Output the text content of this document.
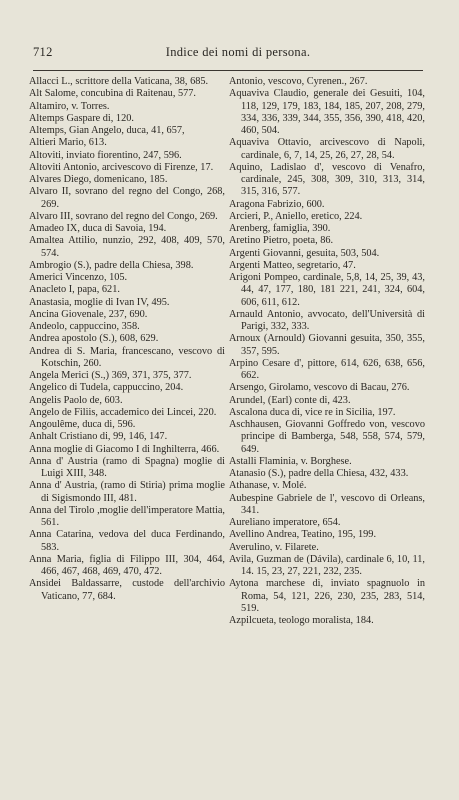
712	Indice dei nomi di persona.
Allacci L., scrittore della Vaticana, 38, 685.
Alt Salome, concubina di Raitenau, 577.
Altamiro, v. Torres.
Altemps Gaspare di, 120.
Altemps, Gian Angelo, duca, 41, 657,
Altieri Mario, 613.
Altoviti, inviato fiorentino, 247, 596.
Altoviti Antonio, arcivescovo di Firenze, 17.
Alvares Diego, domenicano, 185.
Alvaro II, sovrano del regno del Congo, 268, 269.
Alvaro III, sovrano del regno del Congo, 269.
Amadeo IX, duca di Savoia, 194.
Amaltea Attilio, nunzio, 292, 408, 409, 570, 574.
Ambrogio (S.), padre della Chiesa, 398.
Americi Vincenzo, 105.
Anacleto I, papa, 621.
Anastasia, moglie di Ivan IV, 495.
Ancina Giovenale, 237, 690.
Andeolo, cappuccino, 358.
Andrea apostolo (S.), 608, 629.
Andrea di S. Maria, francescano, vescovo di Kotschin, 260.
Angela Merici (S.,) 369, 371, 375, 377.
Angelico di Tudela, cappuccino, 204.
Angelis Paolo de, 603.
Angelo de Filiis, accademico dei Lincei, 220.
Angoulême, duca di, 596.
Anhalt Cristiano di, 99, 146, 147.
Anna moglie di Giacomo I di Inghilterra, 466.
Anna d' Austria (ramo di Spagna) moglie di Luigi XIII, 348.
Anna d' Austria, (ramo di Stiria) prima moglie di Sigismondo III, 481.
Anna del Tirolo ,moglie dell'imperatore Mattia, 561.
Anna Catarina, vedova del duca Ferdinando, 583.
Anna Maria, figlia di Filippo III, 304, 464, 466, 467, 468, 469, 470, 472.
Ansidei Baldassarre, custode dell'archivio Vaticano, 77, 684.
Antonio, vescovo, Cyrenen., 267.
Aquaviva Claudio, generale dei Gesuiti, 104, 118, 129, 179, 183, 184, 185, 207, 208, 279, 334, 336, 339, 344, 355, 356, 390, 418, 420, 460, 504.
Aquaviva Ottavio, arcivescovo di Napoli, cardinale, 6, 7, 14, 25, 26, 27, 28, 54.
Aquino, Ladislao d', vescovo di Venafro, cardinale, 245, 308, 309, 310, 313, 314, 315, 316, 577.
Aragona Fabrizio, 600.
Arcieri, P., Aniello, eretico, 224.
Arenberg, famiglia, 390.
Aretino Pietro, poeta, 86.
Argenti Giovanni, gesuita, 503, 504.
Argenti Matteo, segretario, 47.
Arigoni Pompeo, cardinale, 5,8, 14, 25, 39, 43, 44, 47, 177, 180, 181 221, 241, 324, 604, 606, 611, 612.
Arnauld Antonio, avvocato, dell'Università di Parigi, 332, 333.
Arnoux (Arnould) Giovanni gesuita, 350, 355, 357, 595.
Arpino Cesare d', pittore, 614, 626, 638, 656, 662.
Arsengo, Girolamo, vescovo di Bacau, 276.
Arundel, (Earl) conte di, 423.
Ascalona duca di, vice re in Sicilia, 197.
Aschhausen, Giovanni Goffredo von, vescovo principe di Bamberga, 548, 558, 574, 579, 649.
Astalli Flaminia, v. Borghese.
Atanasio (S.), padre della Chiesa, 432, 433.
Athanase, v. Molé.
Aubespine Gabriele de l', vescovo di Orleans, 341.
Aureliano imperatore, 654.
Avellino Andrea, Teatino, 195, 199.
Averulino, v. Filarete.
Avila, Guzman de (Dávila), cardinale 6, 10, 11, 14. 15, 23, 27, 221, 232, 235.
Aytona marchese di, inviato spagnuolo in Roma, 54, 121, 226, 230, 235, 283, 514, 519.
Azpilcueta, teologo moralista, 184.
